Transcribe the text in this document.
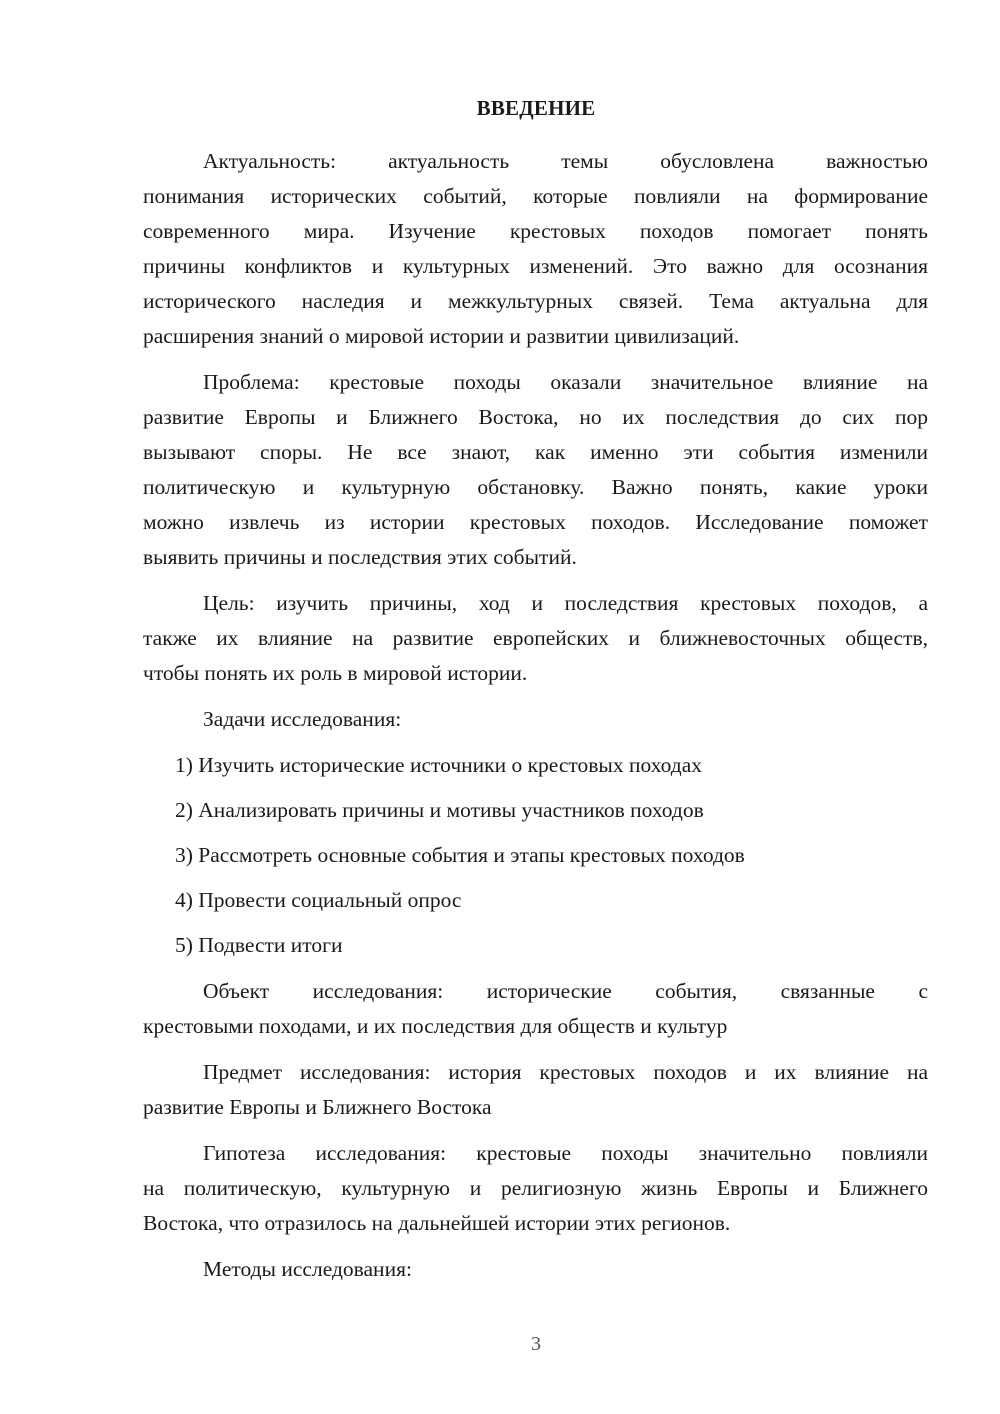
ВВЕДЕНИЕ
Актуальность: актуальность темы обусловлена важностью
понимания исторических событий, которые повлияли на формирование
современного мира. Изучение крестовых походов помогает понять
причины конфликтов и культурных изменений. Это важно для осознания
исторического наследия и межкультурных связей. Тема актуальна для
расширения знаний о мировой истории и развитии цивилизаций.
Проблема: крестовые походы оказали значительное влияние на
развитие Европы и Ближнего Востока, но их последствия до сих пор
вызывают споры. Не все знают, как именно эти события изменили
политическую и культурную обстановку. Важно понять, какие уроки
можно извлечь из истории крестовых походов. Исследование поможет
выявить причины и последствия этих событий.
Цель: изучить причины, ход и последствия крестовых походов, а
также их влияние на развитие европейских и ближневосточных обществ,
чтобы понять их роль в мировой истории.
Задачи исследования:
1) Изучить исторические источники о крестовых походах
2) Анализировать причины и мотивы участников походов
3) Рассмотреть основные события и этапы крестовых походов
4) Провести социальный опрос
5) Подвести итоги
Объект исследования: исторические события, связанные с
крестовыми походами, и их последствия для обществ и культур
Предмет исследования: история крестовых походов и их влияние на
развитие Европы и Ближнего Востока
Гипотеза исследования: крестовые походы значительно повлияли
на политическую, культурную и религиозную жизнь Европы и Ближнего
Востока, что отразилось на дальнейшей истории этих регионов.
Методы исследования:
3
